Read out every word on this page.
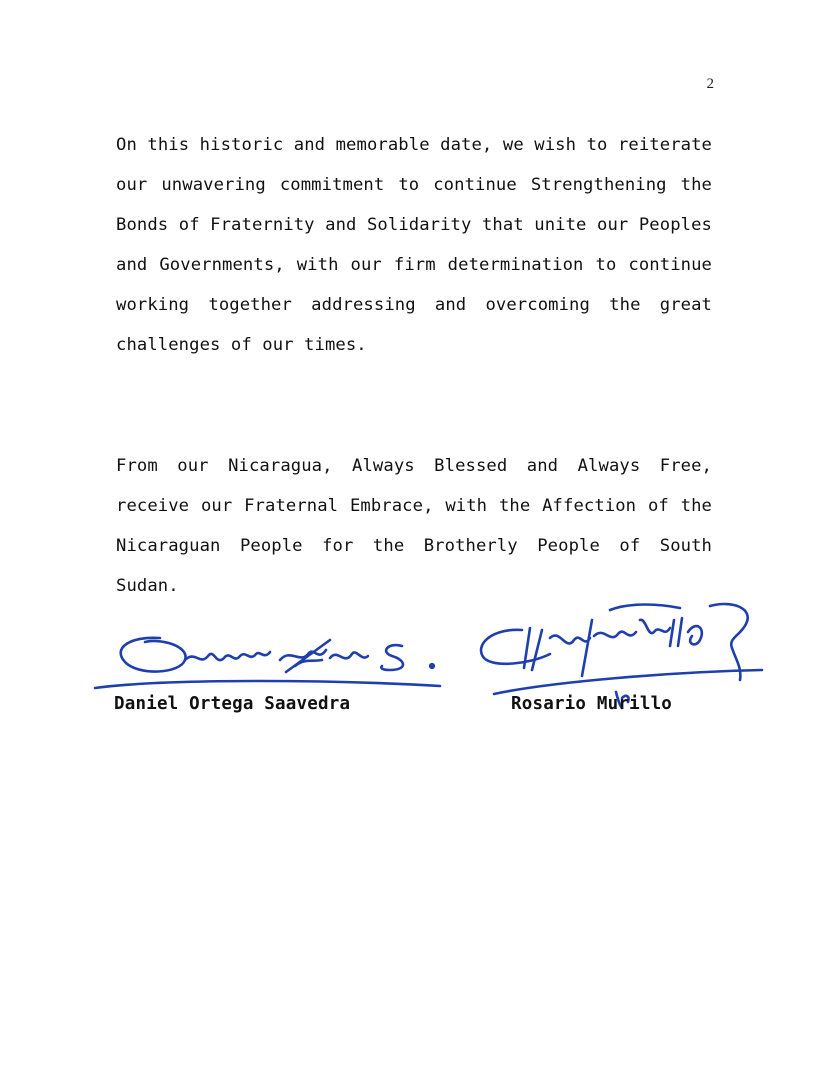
2

On this historic and memorable date, we wish to reiterate our unwavering commitment to continue Strengthening the Bonds of Fraternity and Solidarity that unite our Peoples and Governments, with our firm determination to continue working together addressing and overcoming the great challenges of our times.

From our Nicaragua, Always Blessed and Always Free, receive our Fraternal Embrace, with the Affection of the Nicaraguan People for the Brotherly People of South Sudan.

Daniel Ortega Saavedra	Rosario Murillo
